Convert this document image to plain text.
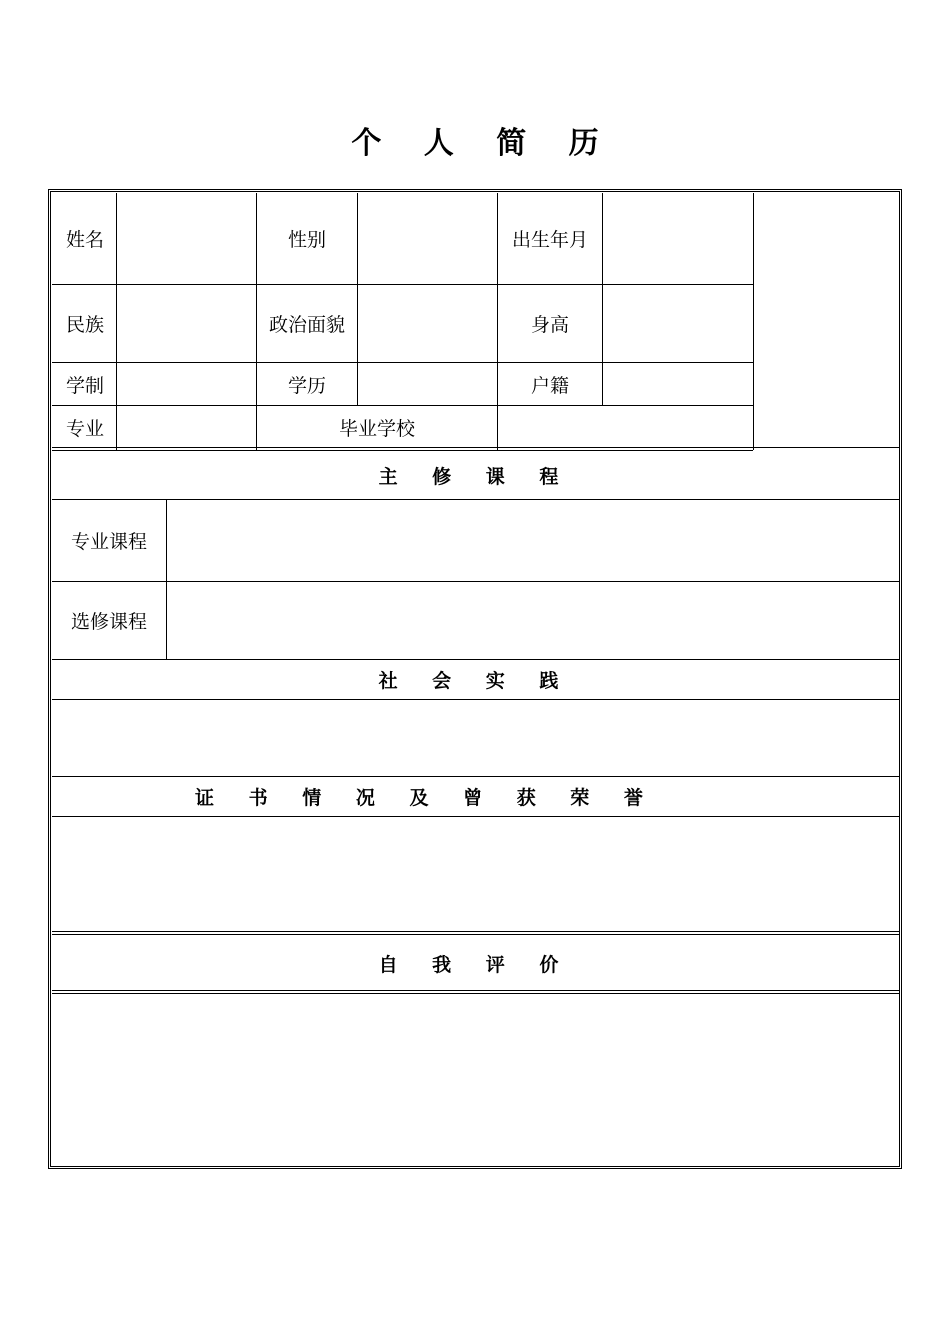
个 人 简 历
姓名	性别	出生年月
民族	政治面貌	身高
学制	学历	户籍
专业	毕业学校
主 修 课 程
专业课程
选修课程
社 会 实 践
证 书 情 况 及 曾 获 荣 誉
自 我 评 价
